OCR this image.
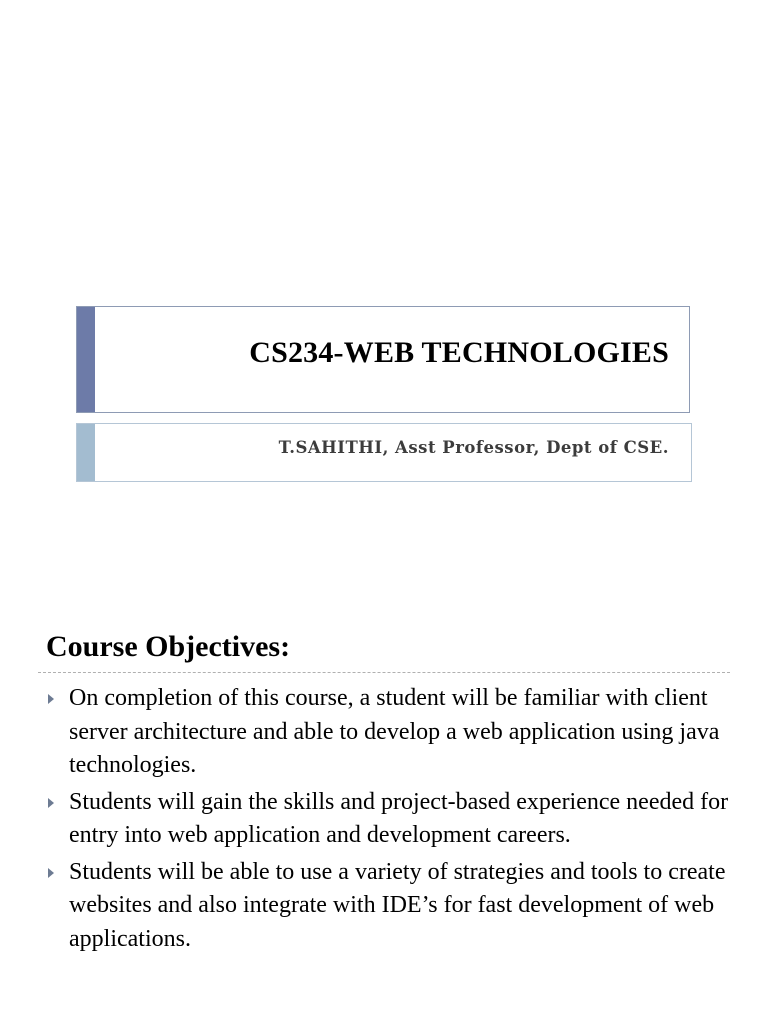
CS234-WEB TECHNOLOGIES
T.SAHITHI, Asst Professor, Dept of CSE.
Course Objectives:
On completion of this course, a student will be familiar with client server architecture and able to develop a web application using java technologies.
Students will gain the skills and project-based experience needed for entry into web application and development careers.
Students will be able to use a variety of strategies and tools to create websites and also integrate with IDE’s for fast development of web applications.
